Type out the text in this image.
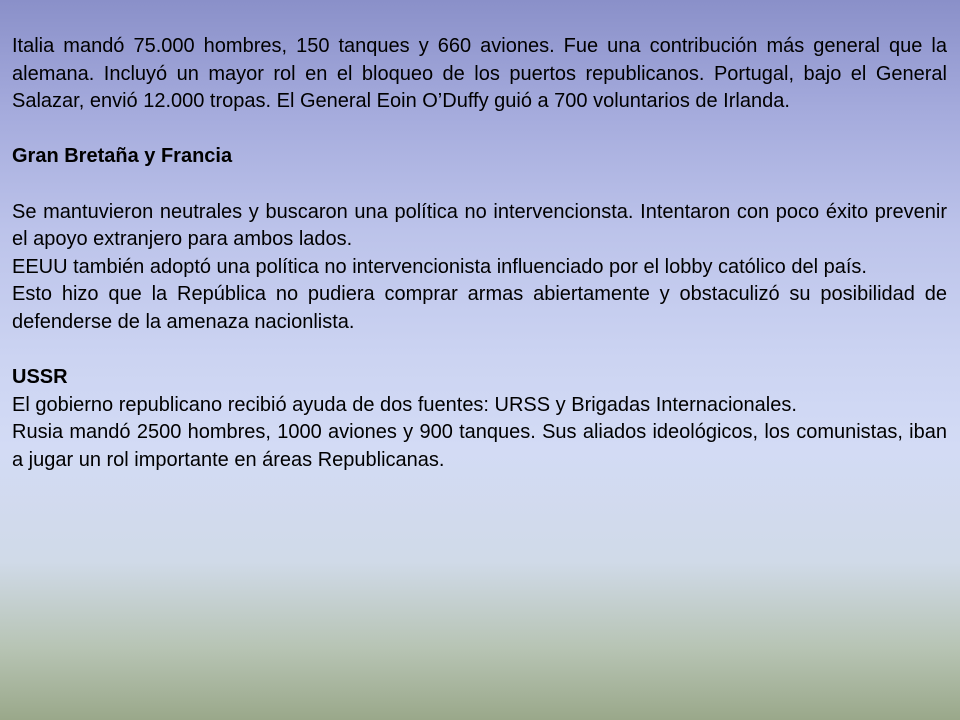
Italia mandó 75.000 hombres, 150 tanques y 660 aviones. Fue una contribución más general que la alemana. Incluyó un mayor rol en el bloqueo de los puertos republicanos. Portugal, bajo el General Salazar, envió 12.000 tropas. El General Eoin O’Duffy guió a 700 voluntarios de Irlanda.

Gran Bretaña y Francia

Se mantuvieron neutrales y buscaron una política no intervencionsta. Intentaron con poco éxito prevenir el apoyo extranjero para ambos lados.

EEUU también adoptó una política no intervencionista influenciado por el lobby católico del país.

Esto hizo que la República no pudiera comprar armas abiertamente y obstaculizó su posibilidad de defenderse de la amenaza nacionlista.

USSR

El gobierno republicano recibió ayuda de dos fuentes: URSS y Brigadas Internacionales.

Rusia mandó 2500 hombres, 1000 aviones y 900 tanques. Sus aliados ideológicos, los comunistas, iban a jugar un rol importante en áreas Republicanas.
